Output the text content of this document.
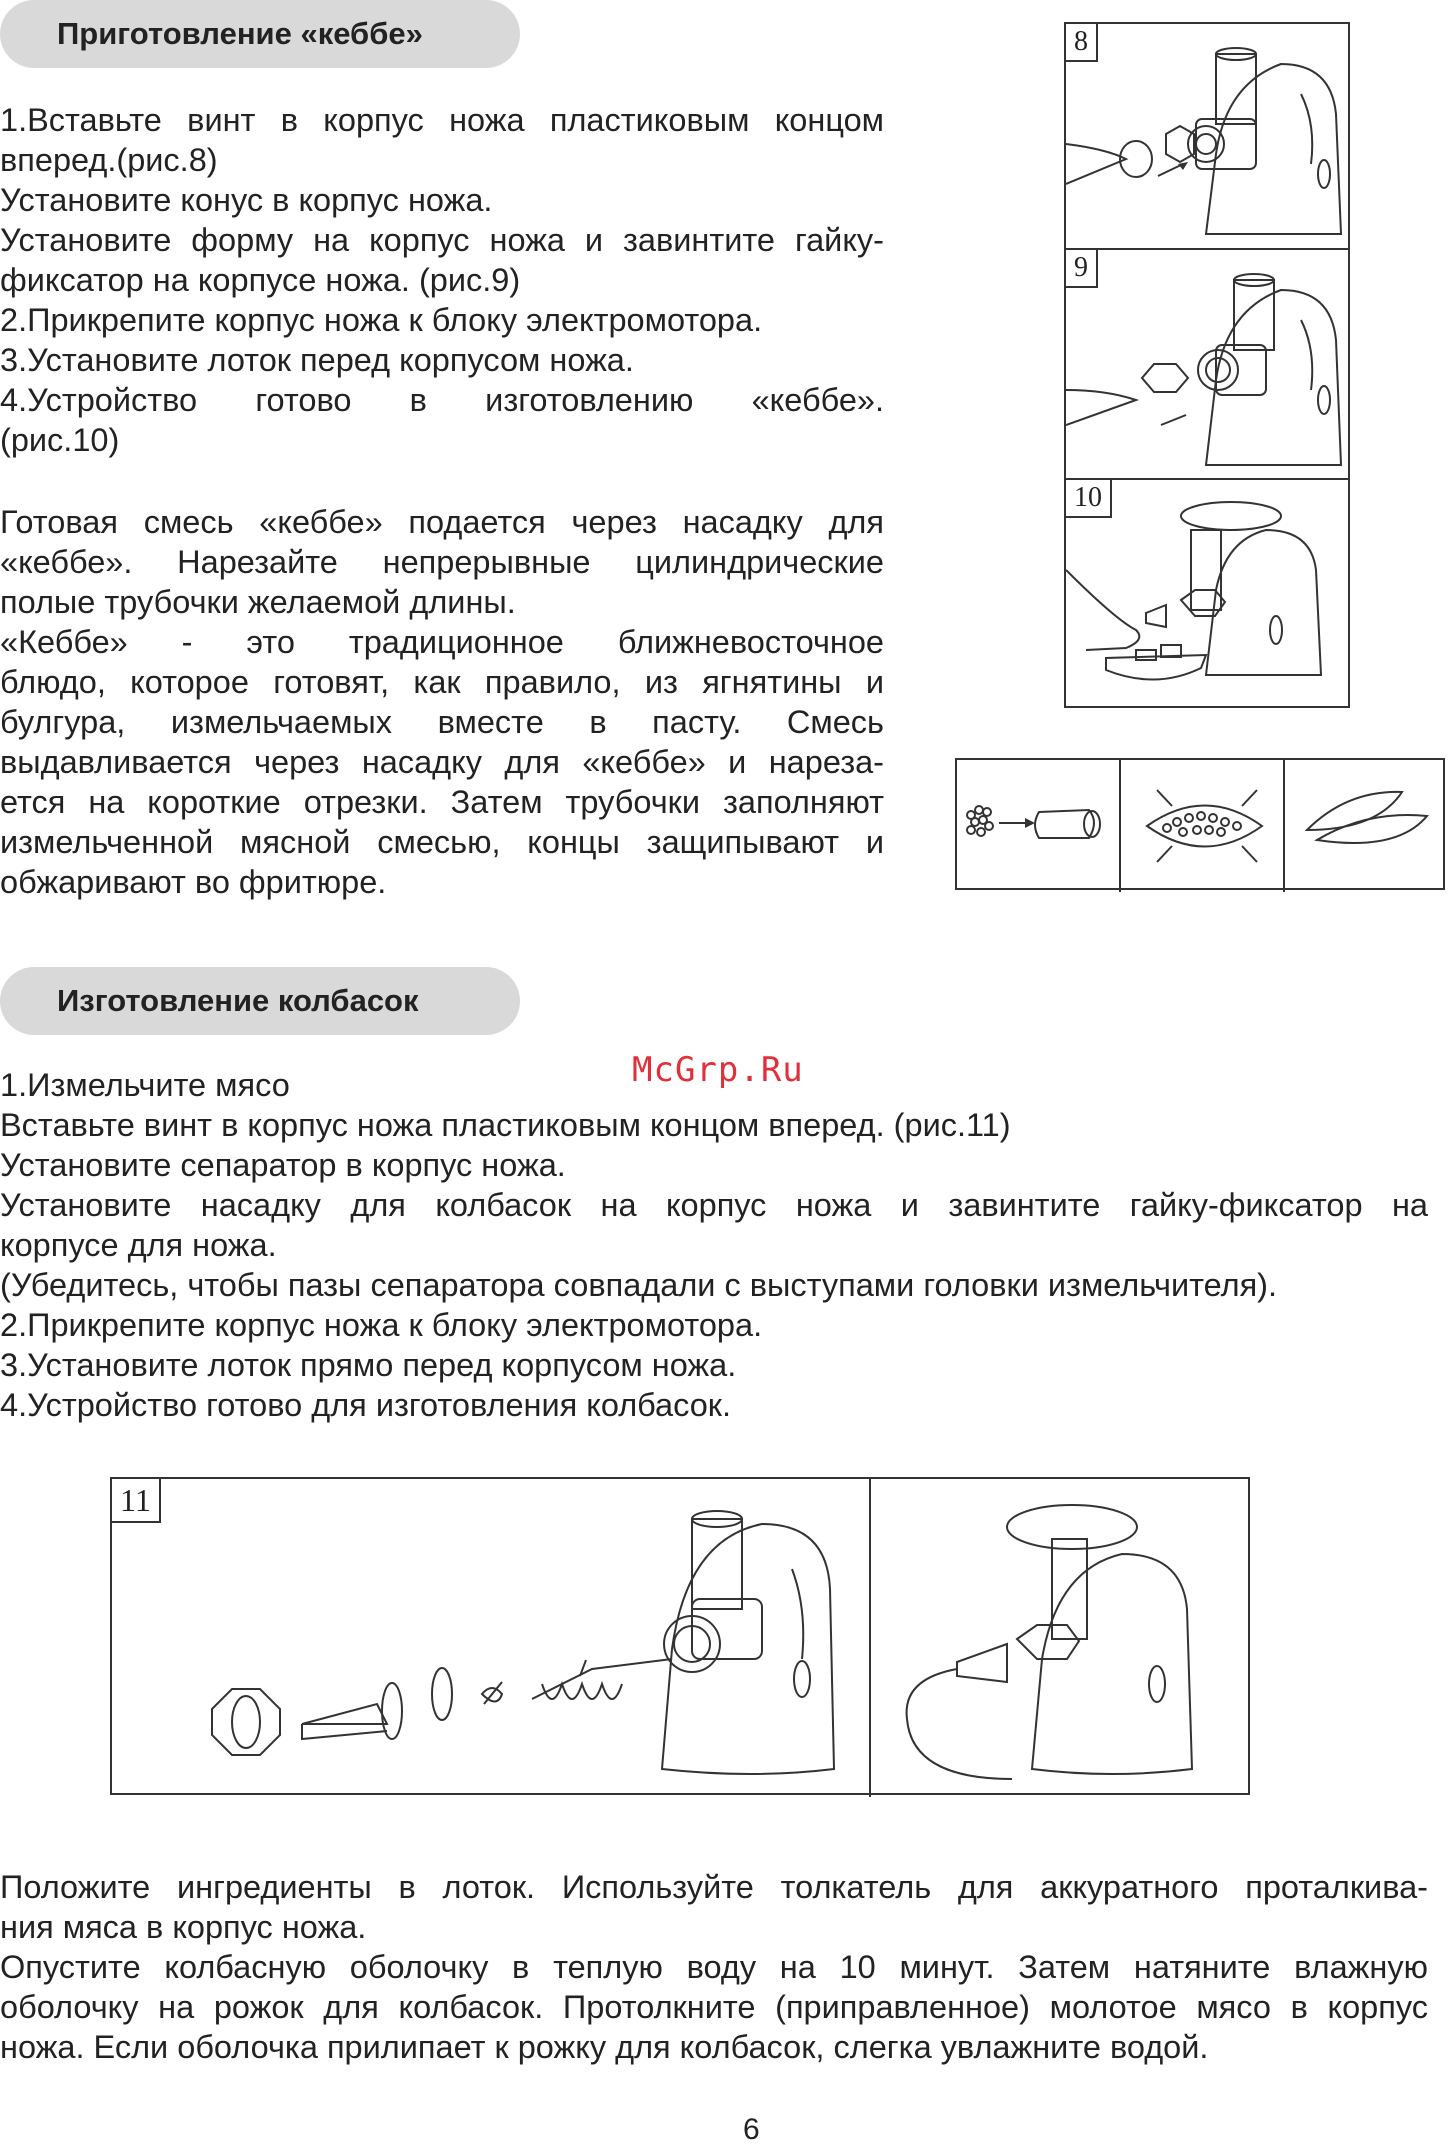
Приготовление «кеббе»

1.Вставьте винт в корпус ножа пластиковым концом

вперед.(рис.8)

Установите конус в корпус ножа.

Установите форму на корпус ножа и завинтите гайку-

фиксатор на корпусе ножа. (рис.9)

2.Прикрепите корпус ножа к блоку электромотора.

3.Установите лоток перед корпусом ножа.

4.Устройство готово в изготовлению «кеббе».

(рис.10)

Готовая смесь «кеббе» подается через насадку для

«кеббе». Нарезайте непрерывные цилиндрические

полые трубочки желаемой длины.

«Кеббе» - это традиционное ближневосточное

блюдо, которое готовят, как правило, из ягнятины и

булгура, измельчаемых вместе в пасту. Смесь

выдавливается через насадку для «кеббе» и нареза-

ется на короткие отрезки. Затем трубочки заполняют

измельченной мясной смесью, концы защипывают и

обжаривают во фритюре.

8
9
10
Изготовление колбасок
McGrp.Ru

1.Измельчите мясо

Вставьте винт в корпус ножа пластиковым концом вперед. (рис.11)

Установите сепаратор в корпус ножа.

Установите насадку для колбасок на корпус ножа и завинтите гайку-фиксатор на

корпусе для ножа.

(Убедитесь, чтобы пазы сепаратора совпадали с выступами головки измельчителя).

2.Прикрепите корпус ножа к блоку электромотора.

3.Установите лоток прямо перед корпусом ножа.

4.Устройство готово для изготовления колбасок.

11

Положите ингредиенты в лоток. Используйте толкатель для аккуратного проталкива-

ния мяса в корпус ножа.

Опустите колбасную оболочку в теплую воду на 10 минут. Затем натяните влажную

оболочку на рожок для колбасок. Протолкните (приправленное) молотое мясо в корпус

ножа. Если оболочка прилипает к рожку для колбасок, слегка увлажните водой.

6
